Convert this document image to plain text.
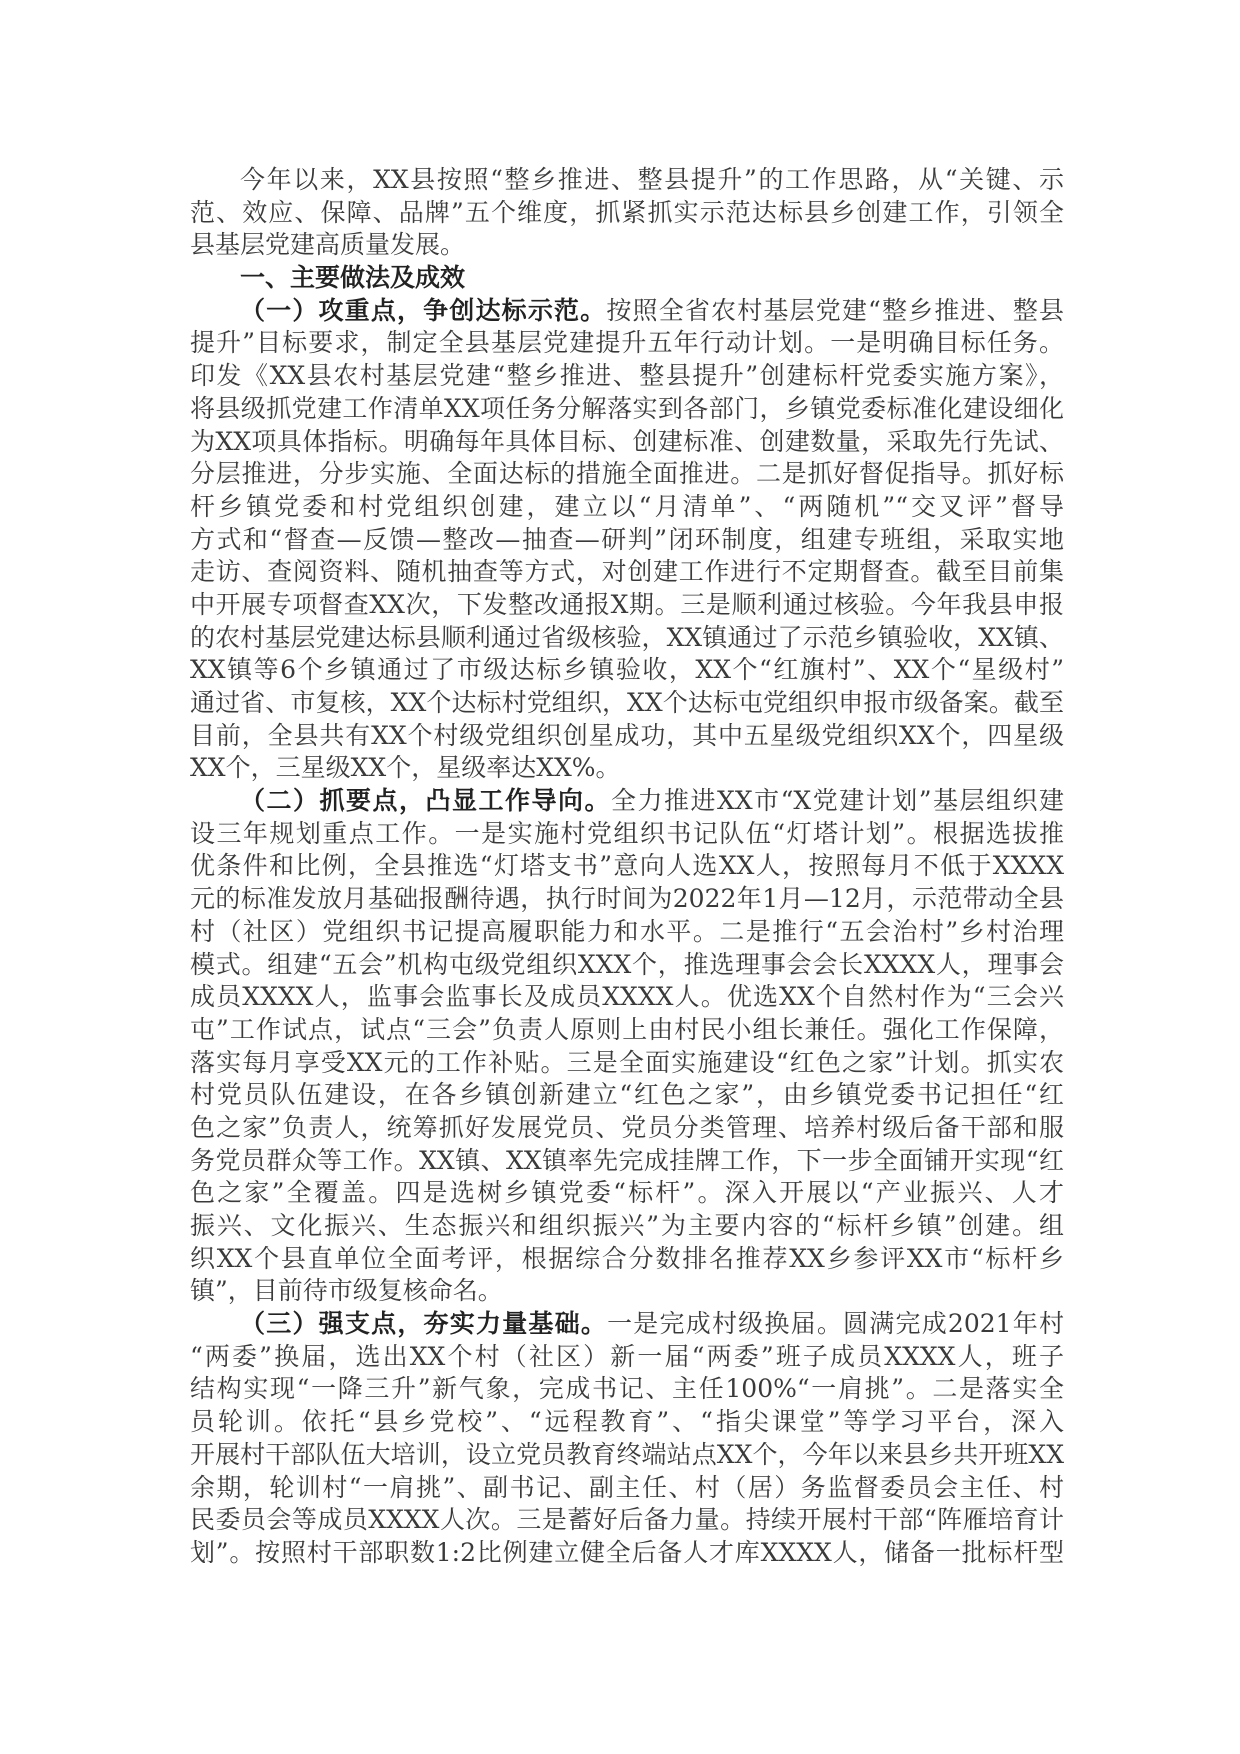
今年以来，XX县按照“整乡推进、整县提升”的工作思路，从“关键、示
范、效应、保障、品牌”五个维度，抓紧抓实示范达标县乡创建工作，引领全
县基层党建高质量发展。
一、主要做法及成效
（一）攻重点，争创达标示范。按照全省农村基层党建“整乡推进、整县
提升”目标要求，制定全县基层党建提升五年行动计划。一是明确目标任务。
印发《XX县农村基层党建“整乡推进、整县提升”创建标杆党委实施方案》，
将县级抓党建工作清单XX项任务分解落实到各部门，乡镇党委标准化建设细化
为XX项具体指标。明确每年具体目标、创建标准、创建数量，采取先行先试、
分层推进，分步实施、全面达标的措施全面推进。二是抓好督促指导。抓好标
杆乡镇党委和村党组织创建，建立以“月清单”、“两随机”“交叉评”督导
方式和“督查—反馈—整改—抽查—研判”闭环制度，组建专班组，采取实地
走访、查阅资料、随机抽查等方式，对创建工作进行不定期督查。截至目前集
中开展专项督查XX次，下发整改通报X期。三是顺利通过核验。今年我县申报
的农村基层党建达标县顺利通过省级核验，XX镇通过了示范乡镇验收，XX镇、
XX镇等6个乡镇通过了市级达标乡镇验收，XX个“红旗村”、XX个“星级村”
通过省、市复核，XX个达标村党组织，XX个达标屯党组织申报市级备案。截至
目前，全县共有XX个村级党组织创星成功，其中五星级党组织XX个，四星级
XX个，三星级XX个，星级率达XX%。
（二）抓要点，凸显工作导向。全力推进XX市“X党建计划”基层组织建
设三年规划重点工作。一是实施村党组织书记队伍“灯塔计划”。根据选拔推
优条件和比例，全县推选“灯塔支书”意向人选XX人，按照每月不低于XXXX
元的标准发放月基础报酬待遇，执行时间为2022年1月—12月，示范带动全县
村（社区）党组织书记提高履职能力和水平。二是推行“五会治村”乡村治理
模式。组建“五会”机构屯级党组织XXX个，推选理事会会长XXXX人，理事会
成员XXXX人，监事会监事长及成员XXXX人。优选XX个自然村作为“三会兴
屯”工作试点，试点“三会”负责人原则上由村民小组长兼任。强化工作保障，
落实每月享受XX元的工作补贴。三是全面实施建设“红色之家”计划。抓实农
村党员队伍建设，在各乡镇创新建立“红色之家”，由乡镇党委书记担任“红
色之家”负责人，统筹抓好发展党员、党员分类管理、培养村级后备干部和服
务党员群众等工作。XX镇、XX镇率先完成挂牌工作，下一步全面铺开实现“红
色之家”全覆盖。四是选树乡镇党委“标杆”。深入开展以“产业振兴、人才
振兴、文化振兴、生态振兴和组织振兴”为主要内容的“标杆乡镇”创建。组
织XX个县直单位全面考评，根据综合分数排名推荐XX乡参评XX市“标杆乡
镇”，目前待市级复核命名。
（三）强支点，夯实力量基础。一是完成村级换届。圆满完成2021年村
“两委”换届，选出XX个村（社区）新一届“两委”班子成员XXXX人，班子
结构实现“一降三升”新气象，完成书记、主任100%“一肩挑”。二是落实全
员轮训。依托“县乡党校”、“远程教育”、“指尖课堂”等学习平台，深入
开展村干部队伍大培训，设立党员教育终端站点XX个，今年以来县乡共开班XX
余期，轮训村“一肩挑”、副书记、副主任、村（居）务监督委员会主任、村
民委员会等成员XXXX人次。三是蓄好后备力量。持续开展村干部“阵雁培育计
划”。按照村干部职数1:2比例建立健全后备人才库XXXX人，储备一批标杆型
